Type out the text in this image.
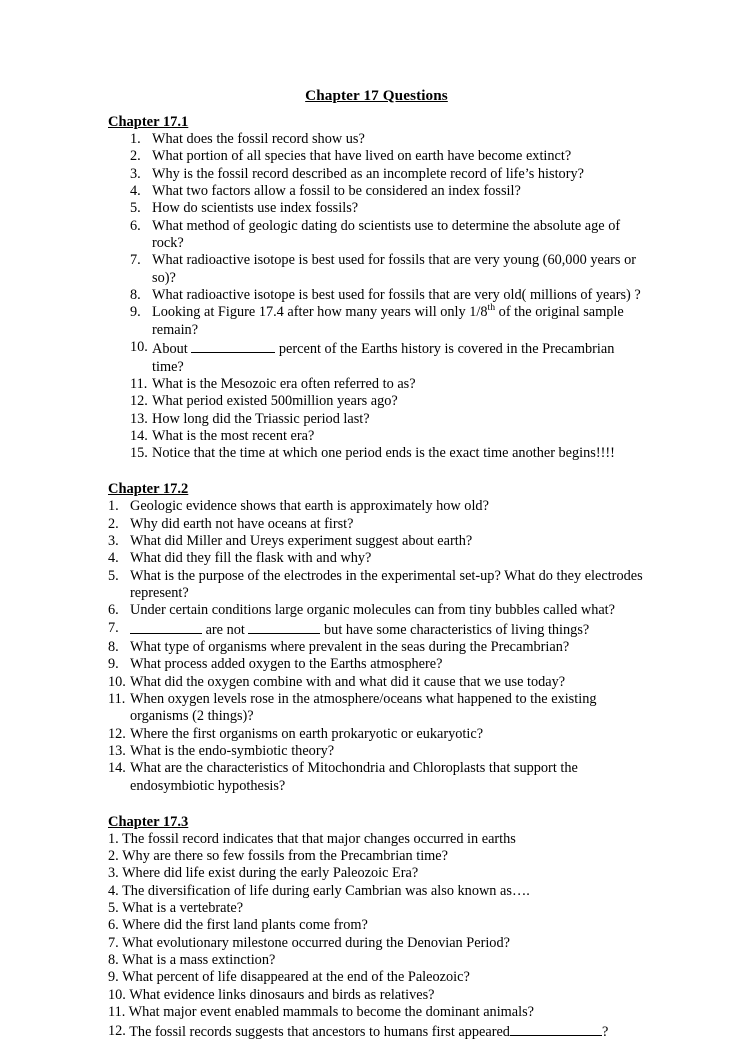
Chapter 17 Questions
Chapter 17.1
1. What does the fossil record show us?
2. What portion of all species that have lived on earth have become extinct?
3. Why is the fossil record described as an incomplete record of life’s history?
4. What two factors allow a fossil to be considered an index fossil?
5. How do scientists use index fossils?
6. What method of geologic dating do scientists use to determine the absolute age of rock?
7. What radioactive isotope is best used for fossils that are very young (60,000 years or so)?
8. What radioactive isotope is best used for fossils that are very old( millions of years) ?
9. Looking at Figure 17.4 after how many years will only 1/8th of the original sample remain?
10. About	percent of the Earths history is covered in the Precambrian time?
11. What is the Mesozoic era often referred to as?
12. What period existed 500million years ago?
13. How long did the Triassic period last?
14. What is the most recent era?
15. Notice that the time at which one period ends is the exact time another begins!!!!
Chapter 17.2
1. Geologic evidence shows that earth is approximately how old?
2. Why did earth not have oceans at first?
3. What did Miller and Ureys experiment suggest about earth?
4. What did they fill the flask with and why?
5. What is the purpose of the electrodes in the experimental set-up? What do they electrodes represent?
6. Under certain conditions large organic molecules can from tiny bubbles called what?
7.	are not	but have some characteristics of living things?
8. What type of organisms where prevalent in the seas during the Precambrian?
9. What process added oxygen to the Earths atmosphere?
10. What did the oxygen combine with and what did it cause that we use today?
11. When oxygen levels rose in the atmosphere/oceans what happened to the existing organisms (2 things)?
12. Where the first organisms on earth prokaryotic or eukaryotic?
13. What is the endo-symbiotic theory?
14. What are the characteristics of Mitochondria and Chloroplasts that support the endosymbiotic hypothesis?
Chapter 17.3
1. The fossil record indicates that that major changes occurred in earths
2. Why are there so few fossils from the Precambrian time?
3. Where did life exist during the early Paleozoic Era?
4. The diversification of life during early Cambrian was also known as….
5. What is a vertebrate?
6. Where did the first land plants come from?
7. What evolutionary milestone occurred during the Denovian Period?
8. What is a mass extinction?
9. What percent of life disappeared at the end of the Paleozoic?
10. What evidence links dinosaurs and birds as relatives?
11. What major event enabled mammals to become the dominant animals?
12. The fossil records suggests that ancestors to humans first appeared	?
